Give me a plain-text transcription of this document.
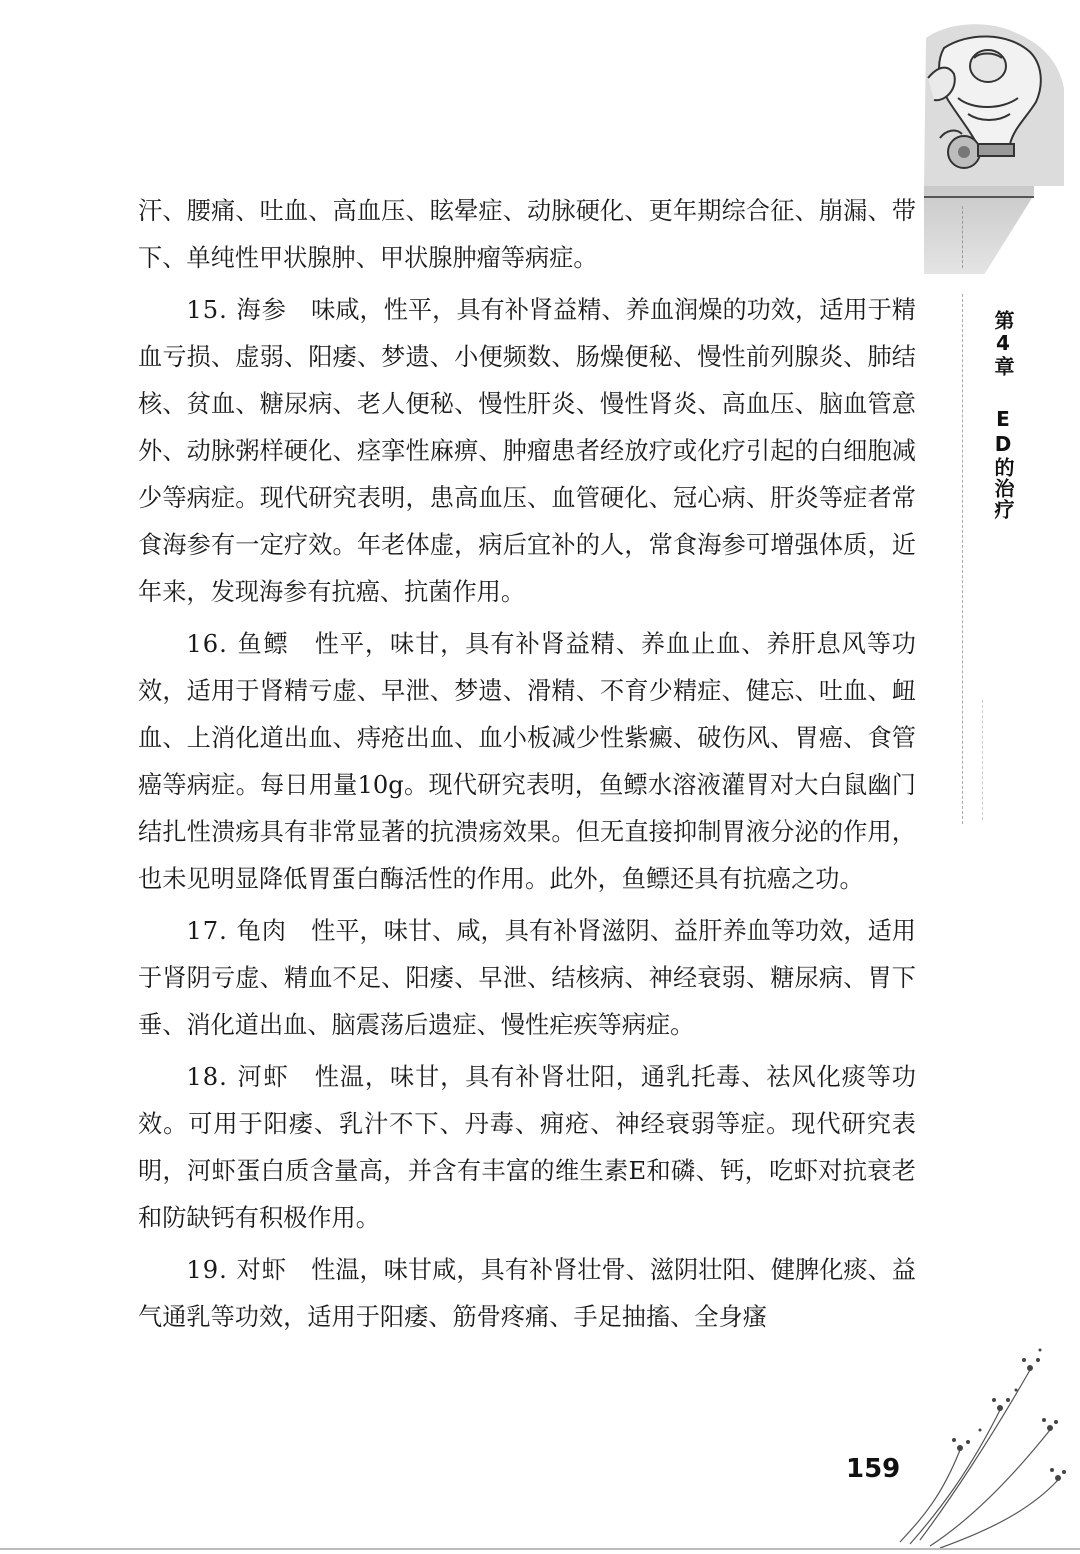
第4章
ED的治疗

汗、腰痛、吐血、高血压、眩晕症、动脉硬化、更年期综合征、崩漏、带下、单纯性甲状腺肿、甲状腺肿瘤等病症。

15. 海参　 味咸，性平，具有补肾益精、养血润燥的功效，适用于精血亏损、虚弱、阳痿、梦遗、小便频数、肠燥便秘、慢性前列腺炎、肺结核、贫血、糖尿病、老人便秘、慢性肝炎、慢性肾炎、高血压、脑血管意外、动脉粥样硬化、痉挛性麻痹、肿瘤患者经放疗或化疗引起的白细胞减少等病症。现代研究表明，患高血压、血管硬化、冠心病、肝炎等症者常食海参有一定疗效。年老体虚，病后宜补的人，常食海参可增强体质，近年来，发现海参有抗癌、抗菌作用。

16. 鱼鳔　 性平，味甘，具有补肾益精、养血止血、养肝息风等功效，适用于肾精亏虚、早泄、梦遗、滑精、不育少精症、健忘、吐血、衄血、上消化道出血、痔疮出血、血小板减少性紫癜、破伤风、胃癌、食管癌等病症。每日用量10g。现代研究表明，鱼鳔水溶液灌胃对大白鼠幽门结扎性溃疡具有非常显著的抗溃疡效果。但无直接抑制胃液分泌的作用，也未见明显降低胃蛋白酶活性的作用。此外，鱼鳔还具有抗癌之功。

17. 龟肉　 性平，味甘、咸，具有补肾滋阴、益肝养血等功效，适用于肾阴亏虚、精血不足、阳痿、早泄、结核病、神经衰弱、糖尿病、胃下垂、消化道出血、脑震荡后遗症、慢性疟疾等病症。

18. 河虾　 性温，味甘，具有补肾壮阳，通乳托毒、祛风化痰等功效。可用于阳痿、乳汁不下、丹毒、痈疮、神经衰弱等症。现代研究表明，河虾蛋白质含量高，并含有丰富的维生素E和磷、钙，吃虾对抗衰老和防缺钙有积极作用。

19. 对虾　 性温，味甘咸，具有补肾壮骨、滋阴壮阳、健脾化痰、益气通乳等功效，适用于阳痿、筋骨疼痛、手足抽搐、全身瘙

159
